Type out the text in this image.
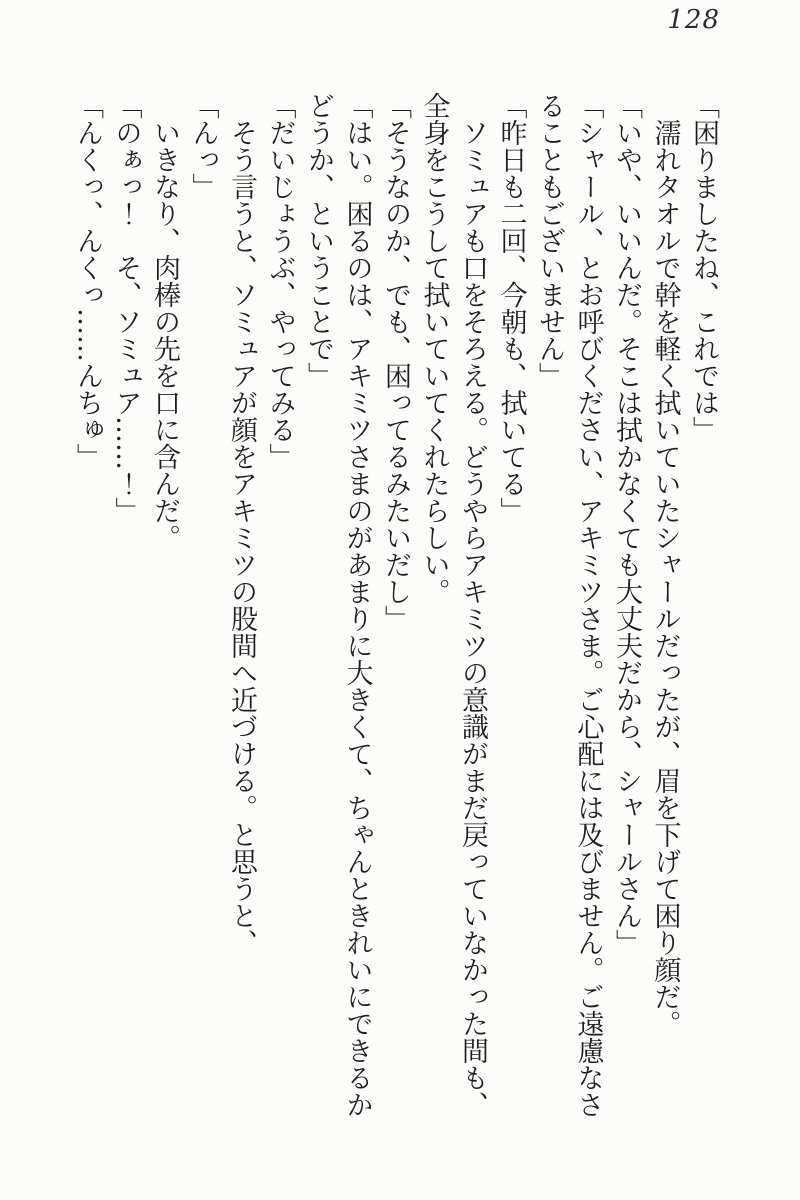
128

「困りましたね、これでは」

　濡れタオルで幹を軽く拭いていたシャールだったが、眉を下げて困り顔だ。

「いや、いいんだ。そこは拭かなくても大丈夫だから、シャールさん」

「シャール、とお呼びください、アキミツさま。ご心配には及びません。ご遠慮なさ

ることもございません」

「昨日も二回、今朝も、拭いてる」

　ソミュアも口をそろえる。どうやらアキミツの意識がまだ戻っていなかった間も、

全身をこうして拭いていてくれたらしい。

「そうなのか、でも、困ってるみたいだし」

「はい。困るのは、アキミツさまのがあまりに大きくて、ちゃんときれいにできるか

どうか、ということで」

「だいじょうぶ、やってみる」

　そう言うと、ソミュアが顔をアキミツの股間へ近づける。と思うと、

「んっ」

　いきなり、肉棒の先を口に含んだ。

「のぁっ！　そ、ソミュア……！」

「んくっ、んくっ……んちゅ」
